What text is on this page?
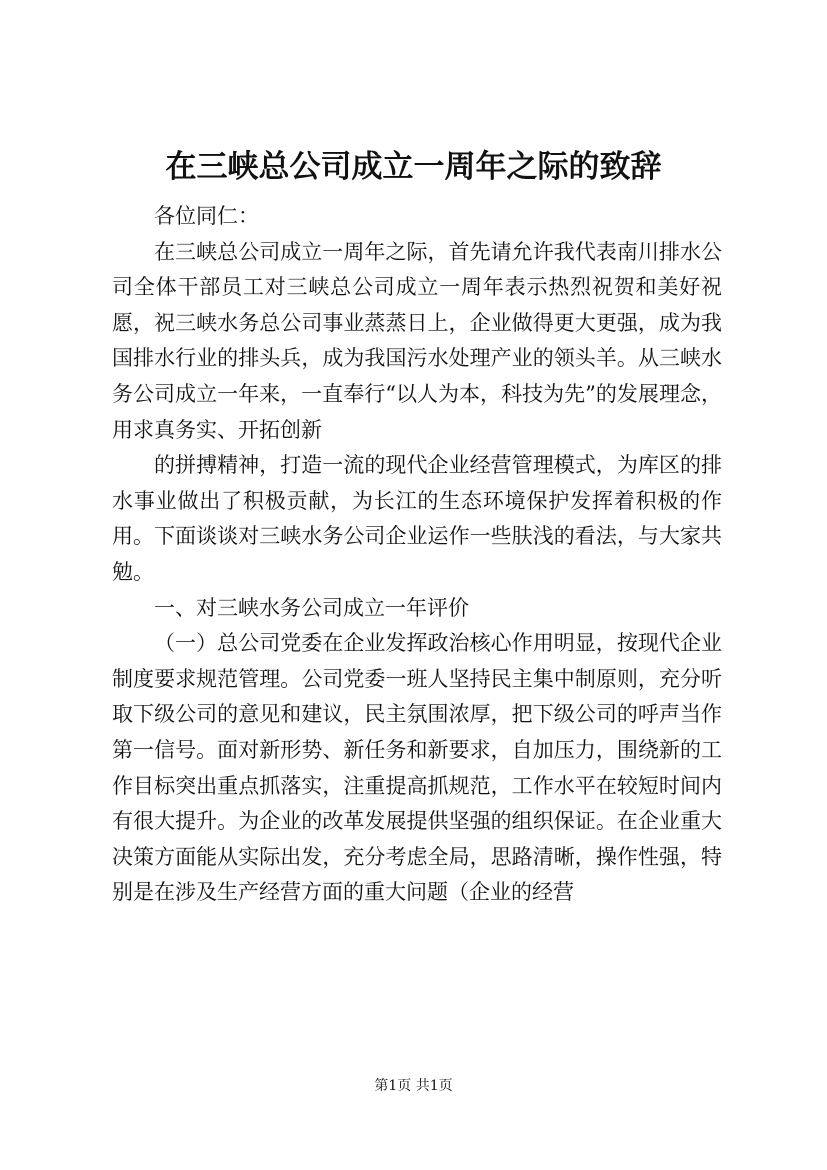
在三峡总公司成立一周年之际的致辞

各位同仁：

在三峡总公司成立一周年之际，首先请允许我代表南川排水公司全体干部员工对三峡总公司成立一周年表示热烈祝贺和美好祝愿，祝三峡水务总公司事业蒸蒸日上，企业做得更大更强，成为我国排水行业的排头兵，成为我国污水处理产业的领头羊。从三峡水务公司成立一年来，一直奉行“以人为本，科技为先”的发展理念，用求真务实、开拓创新

的拼搏精神，打造一流的现代企业经营管理模式，为库区的排水事业做出了积极贡献，为长江的生态环境保护发挥着积极的作用。下面谈谈对三峡水务公司企业运作一些肤浅的看法，与大家共勉。

一、对三峡水务公司成立一年评价

（一）总公司党委在企业发挥政治核心作用明显，按现代企业制度要求规范管理。公司党委一班人坚持民主集中制原则，充分听取下级公司的意见和建议，民主氛围浓厚，把下级公司的呼声当作第一信号。面对新形势、新任务和新要求，自加压力，围绕新的工作目标突出重点抓落实，注重提高抓规范，工作水平在较短时间内有很大提升。为企业的改革发展提供坚强的组织保证。在企业重大决策方面能从实际出发，充分考虑全局，思路清晰，操作性强，特别是在涉及生产经营方面的重大问题（企业的经营

第1页 共1页
